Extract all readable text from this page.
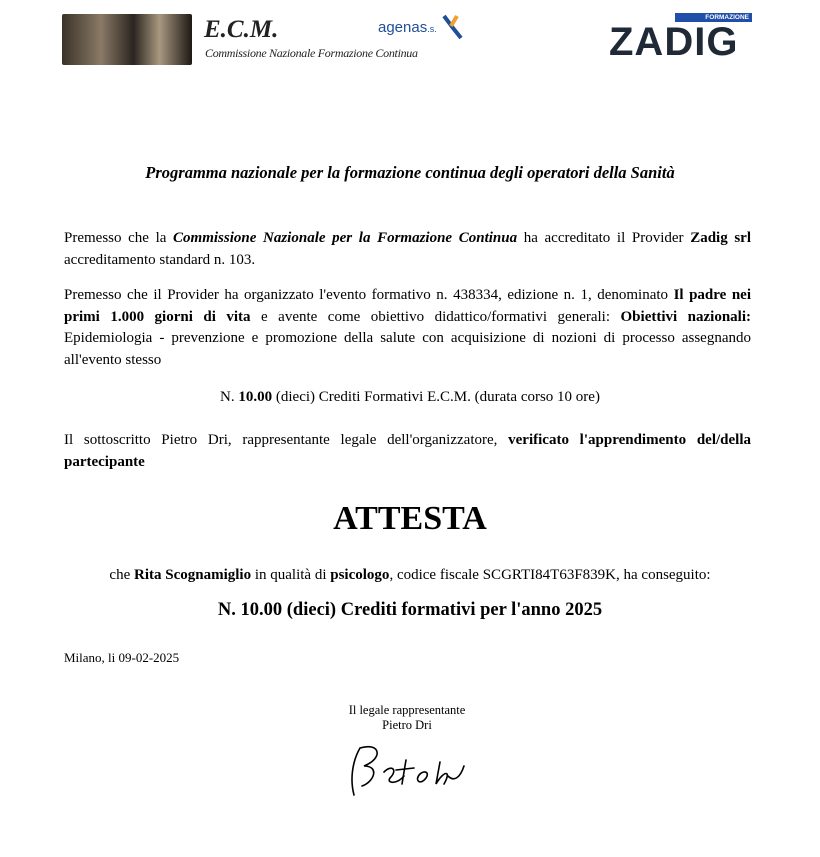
E.C.M.
Commissione Nazionale Formazione Continua
agenas.s.
FORMAZIONE
ZADIG
Programma nazionale per la formazione continua degli operatori della Sanità
Premesso che la Commissione Nazionale per la Formazione Continua ha accreditato il Provider Zadig srl accreditamento standard n. 103.
Premesso che il Provider ha organizzato l'evento formativo n. 438334, edizione n. 1, denominato Il padre nei primi 1.000 giorni di vita e avente come obiettivo didattico/formativi generali: Obiettivi nazionali: Epidemiologia - prevenzione e promozione della salute con acquisizione di nozioni di processo assegnando all'evento stesso
N. 10.00 (dieci) Crediti Formativi E.C.M. (durata corso 10 ore)
Il sottoscritto Pietro Dri, rappresentante legale dell'organizzatore, verificato l'apprendimento del/della partecipante
ATTESTA
che Rita Scognamiglio in qualità di psicologo, codice fiscale SCGRTI84T63F839K, ha conseguito:
N. 10.00 (dieci) Crediti formativi per l'anno 2025
Milano, li 09-02-2025
Il legale rappresentante
Pietro Dri
